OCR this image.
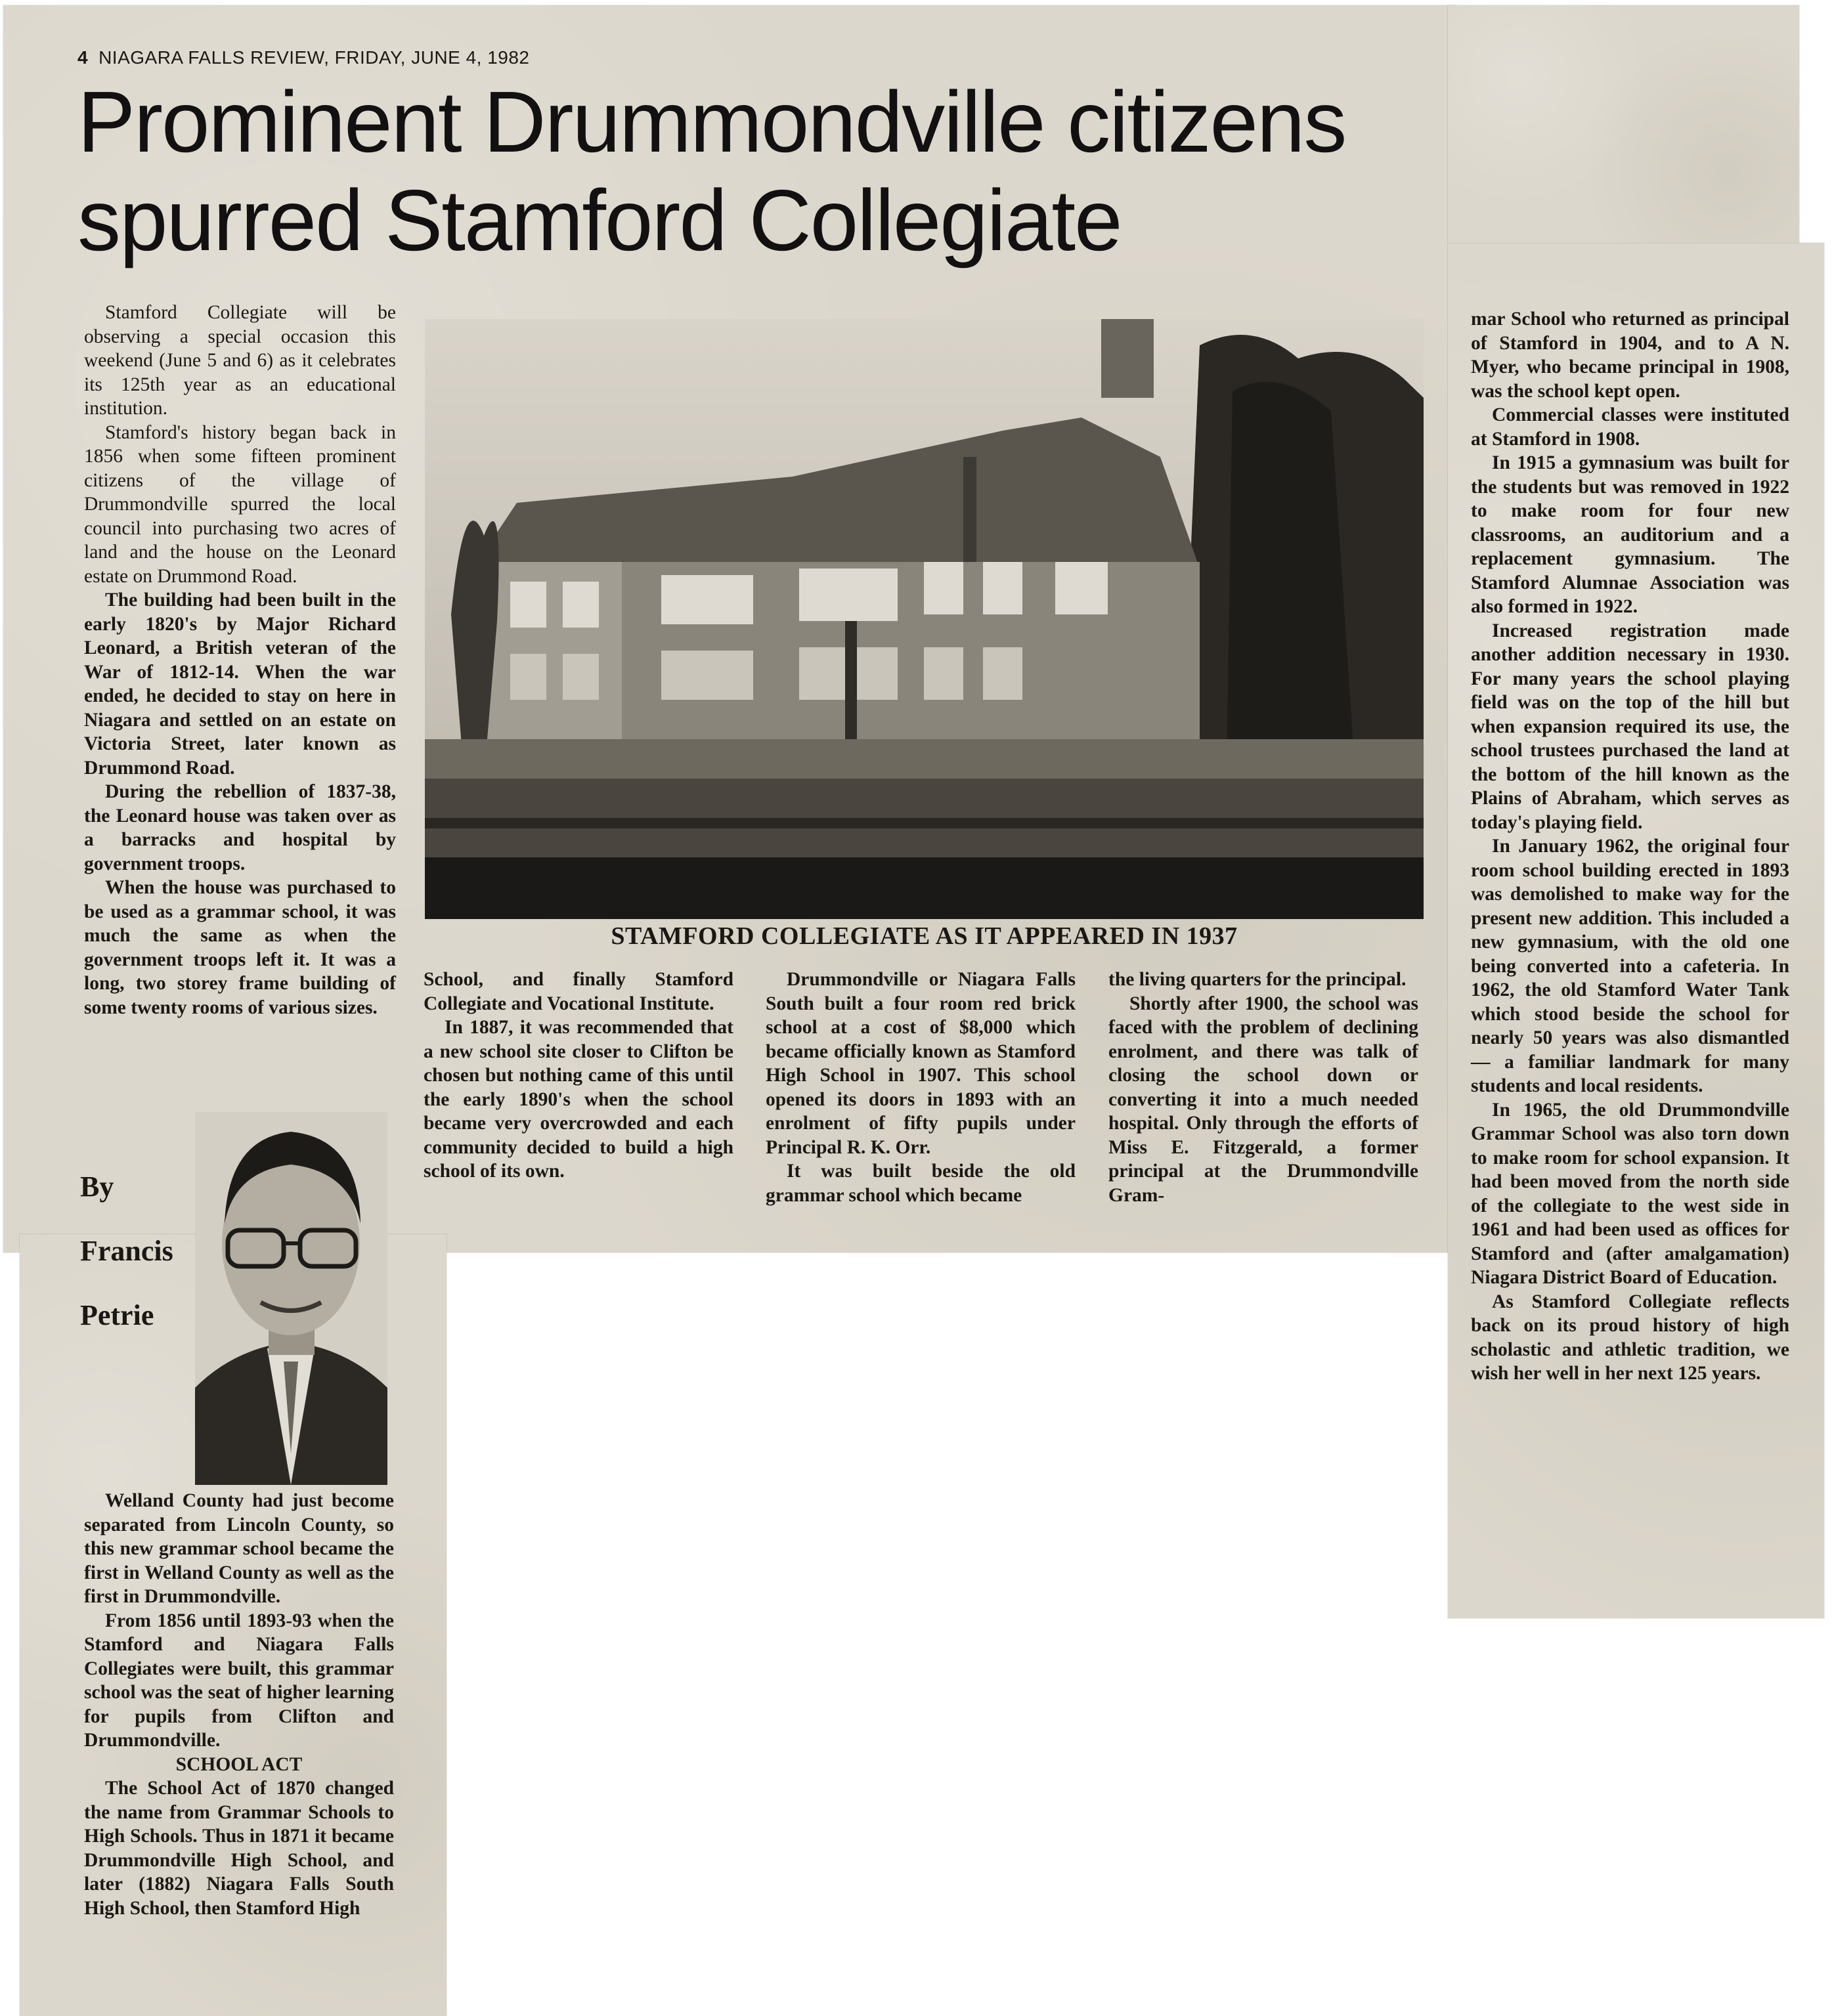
4 NIAGARA FALLS REVIEW, FRIDAY, JUNE 4, 1982
Prominent Drummondville citizens
spurred Stamford Collegiate

Stamford Collegiate will be observing a special occasion this weekend (June 5 and 6) as it celebrates its 125th year as an educational institution.

Stamford's history began back in 1856 when some fifteen prominent citizens of the village of Drummondville spurred the local council into purchasing two acres of land and the house on the Leonard estate on Drummond Road.

The building had been built in the early 1820's by Major Richard Leonard, a British veteran of the War of 1812-14. When the war ended, he decided to stay on here in Niagara and settled on an estate on Victoria Street, later known as Drummond Road.

During the rebellion of 1837-38, the Leonard house was taken over as a barracks and hospital by government troops.

When the house was purchased to be used as a grammar school, it was much the same as when the government troops left it. It was a long, two storey frame building of some twenty rooms of various sizes.

STAMFORD COLLEGIATE AS IT APPEARED IN 1937

School, and finally Stamford Collegiate and Vocational Institute.

In 1887, it was recommended that a new school site closer to Clifton be chosen but nothing came of this until the early 1890's when the school became very overcrowded and each community decided to build a high school of its own.

Drummondville or Niagara Falls South built a four room red brick school at a cost of $8,000 which became officially known as Stamford High School in 1907. This school opened its doors in 1893 with an enrolment of fifty pupils under Principal R. K. Orr.

It was built beside the old grammar school which became

the living quarters for the principal.

Shortly after 1900, the school was faced with the problem of declining enrolment, and there was talk of closing the school down or converting it into a much needed hospital. Only through the efforts of Miss E. Fitzgerald, a former principal at the Drummondville Gram-

By
Francis
Petrie

Welland County had just become separated from Lincoln County, so this new grammar school became the first in Welland County as well as the first in Drummondville.

From 1856 until 1893-93 when the Stamford and Niagara Falls Collegiates were built, this grammar school was the seat of higher learning for pupils from Clifton and Drummondville.

SCHOOL ACT

The School Act of 1870 changed the name from Grammar Schools to High Schools. Thus in 1871 it became Drummondville High School, and later (1882) Niagara Falls South High School, then Stamford High

mar School who returned as principal of Stamford in 1904, and to A N. Myer, who became principal in 1908, was the school kept open.

Commercial classes were instituted at Stamford in 1908.

In 1915 a gymnasium was built for the students but was removed in 1922 to make room for four new classrooms, an auditorium and a replacement gymnasium. The Stamford Alumnae Association was also formed in 1922.

Increased registration made another addition necessary in 1930. For many years the school playing field was on the top of the hill but when expansion required its use, the school trustees purchased the land at the bottom of the hill known as the Plains of Abraham, which serves as today's playing field.

In January 1962, the original four room school building erected in 1893 was demolished to make way for the present new addition. This included a new gymnasium, with the old one being converted into a cafeteria. In 1962, the old Stamford Water Tank which stood beside the school for nearly 50 years was also dismantled — a familiar landmark for many students and local residents.

In 1965, the old Drummondville Grammar School was also torn down to make room for school expansion. It had been moved from the north side of the collegiate to the west side in 1961 and had been used as offices for Stamford and (after amalgamation) Niagara District Board of Education.

As Stamford Collegiate reflects back on its proud history of high scholastic and athletic tradition, we wish her well in her next 125 years.
